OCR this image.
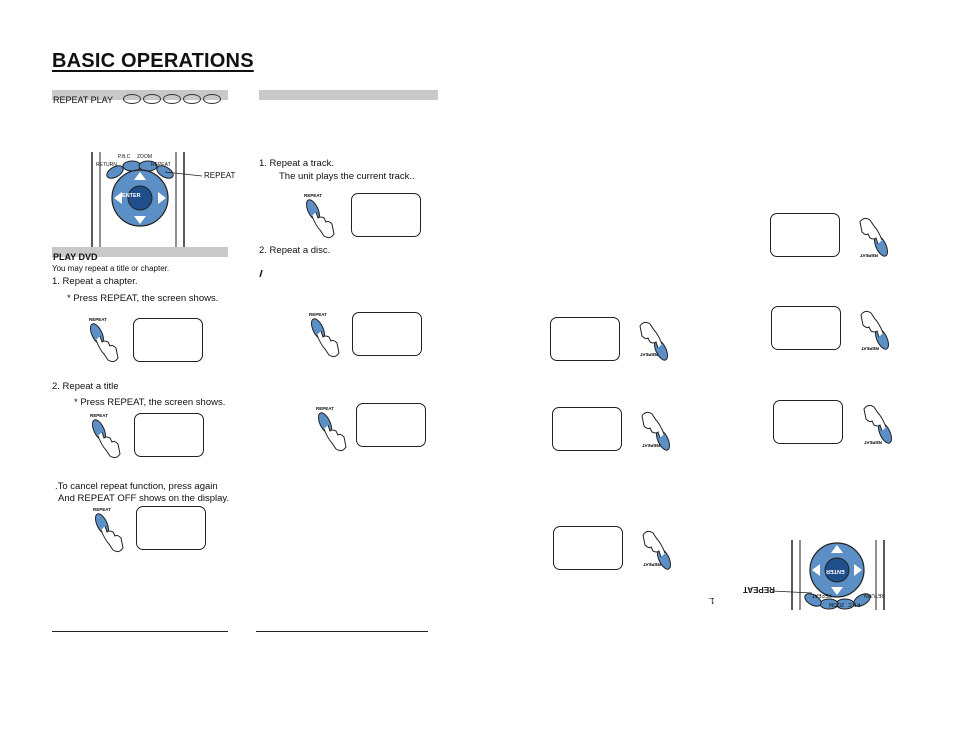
BASIC OPERATIONS
REPEAT PLAY
P.B.C ZOOM
RETURN	REPEAT
ENTER
REPEAT
PLAY DVD
You may repeat a title or chapter.
1. Repeat a chapter.
* Press REPEAT, the screen shows.
REPEAT
2. Repeat a title
* Press REPEAT, the screen shows.
REPEAT
.To cancel repeat function, press again
And REPEAT OFF shows on the display.
REPEAT
1. Repeat a track.
The unit plays the current track..
REPEAT
2. Repeat a disc.
REPEAT
REPEAT
REPEAT
REPEAT
REPEAT
REPEAT
REPEAT
REPEAT
ENTER
ZOOM P.B.C
RETURN
REPEAT
REPEAT
1.
